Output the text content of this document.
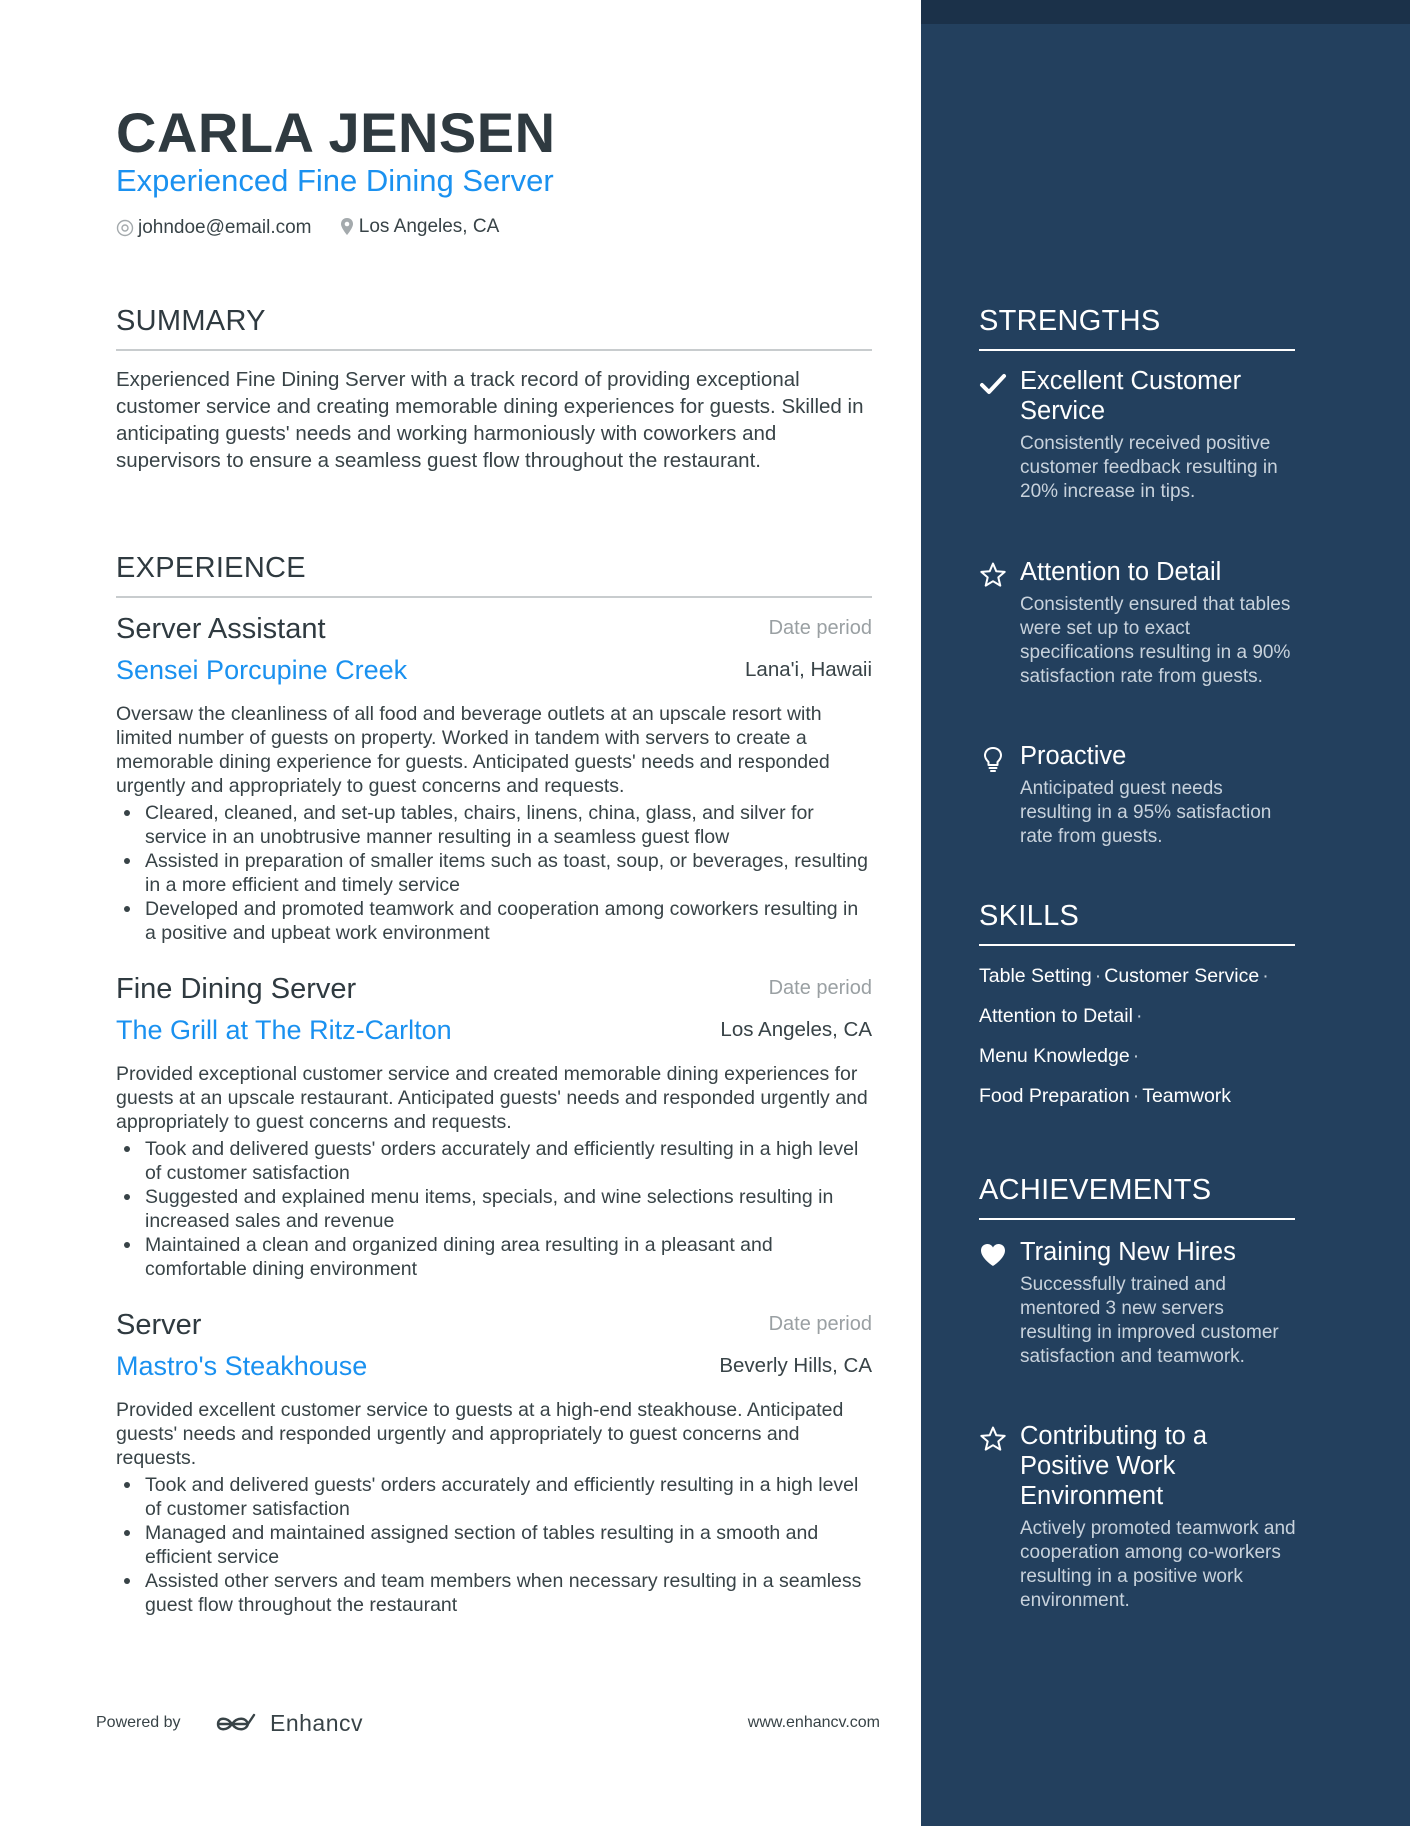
CARLA JENSEN
Experienced Fine Dining Server
johndoe@email.com
Los Angeles, CA
SUMMARY
Experienced Fine Dining Server with a track record of providing exceptional customer service and creating memorable dining experiences for guests. Skilled in anticipating guests' needs and working harmoniously with coworkers and supervisors to ensure a seamless guest flow throughout the restaurant.
EXPERIENCE
Server Assistant	Date period
Sensei Porcupine Creek	Lana'i, Hawaii
Oversaw the cleanliness of all food and beverage outlets at an upscale resort with limited number of guests on property. Worked in tandem with servers to create a memorable dining experience for guests. Anticipated guests' needs and responded urgently and appropriately to guest concerns and requests.
Cleared, cleaned, and set-up tables, chairs, linens, china, glass, and silver for service in an unobtrusive manner resulting in a seamless guest flow
Assisted in preparation of smaller items such as toast, soup, or beverages, resulting in a more efficient and timely service
Developed and promoted teamwork and cooperation among coworkers resulting in a positive and upbeat work environment
Fine Dining Server	Date period
The Grill at The Ritz-Carlton	Los Angeles, CA
Provided exceptional customer service and created memorable dining experiences for guests at an upscale restaurant. Anticipated guests' needs and responded urgently and appropriately to guest concerns and requests.
Took and delivered guests' orders accurately and efficiently resulting in a high level of customer satisfaction
Suggested and explained menu items, specials, and wine selections resulting in increased sales and revenue
Maintained a clean and organized dining area resulting in a pleasant and comfortable dining environment
Server	Date period
Mastro's Steakhouse	Beverly Hills, CA
Provided excellent customer service to guests at a high-end steakhouse. Anticipated guests' needs and responded urgently and appropriately to guest concerns and requests.
Took and delivered guests' orders accurately and efficiently resulting in a high level of customer satisfaction
Managed and maintained assigned section of tables resulting in a smooth and efficient service
Assisted other servers and team members when necessary resulting in a seamless guest flow throughout the restaurant
Powered by	Enhancv	www.enhancv.com
STRENGTHS
Excellent Customer Service
Consistently received positive customer feedback resulting in 20% increase in tips.
Attention to Detail
Consistently ensured that tables were set up to exact specifications resulting in a 90% satisfaction rate from guests.
Proactive
Anticipated guest needs resulting in a 95% satisfaction rate from guests.
SKILLS
Table Setting · Customer Service ·
Attention to Detail ·
Menu Knowledge ·
Food Preparation · Teamwork
ACHIEVEMENTS
Training New Hires
Successfully trained and mentored 3 new servers resulting in improved customer satisfaction and teamwork.
Contributing to a Positive Work Environment
Actively promoted teamwork and cooperation among co-workers resulting in a positive work environment.
